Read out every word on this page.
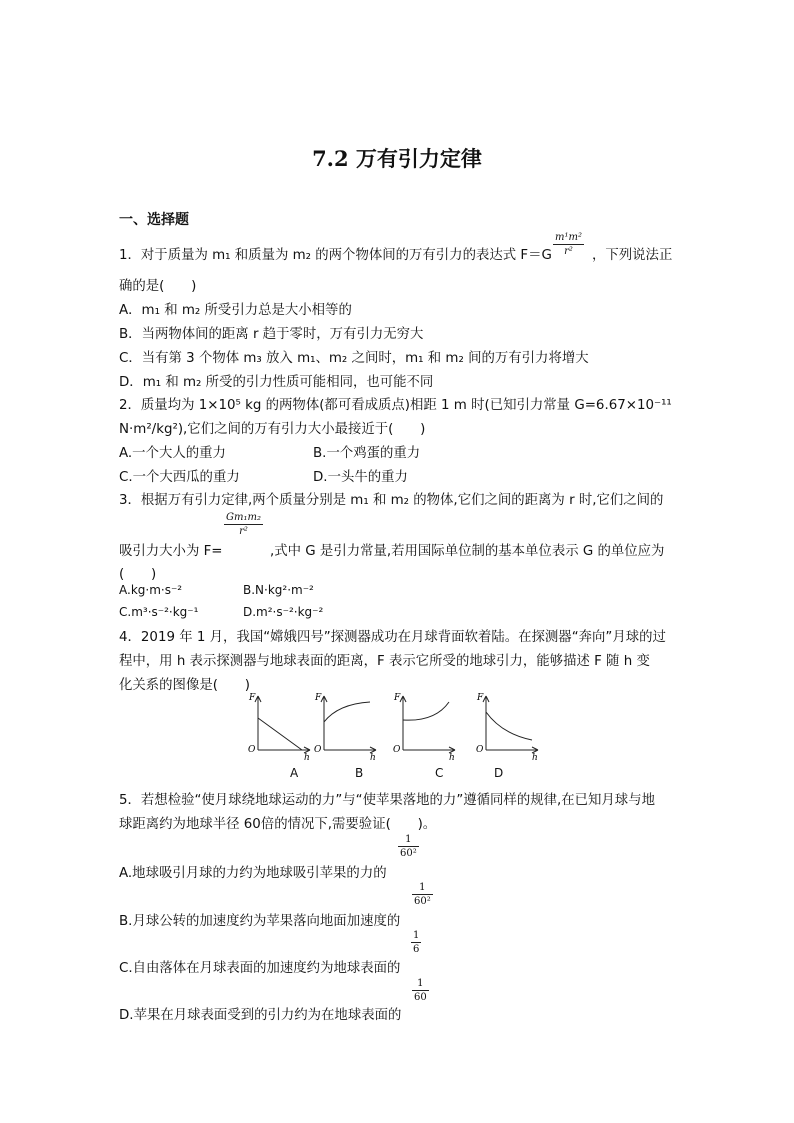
7.2 万有引力定律
一、选择题
1．对于质量为 m₁ 和质量为 m₂ 的两个物体间的万有引力的表达式 F＝G
m¹m²
r²	，下列说法正
确的是(　　)
A．m₁ 和 m₂ 所受引力总是大小相等的
B．当两物体间的距离 r 趋于零时，万有引力无穷大
C．当有第 3 个物体 m₃ 放入 m₁、m₂ 之间时，m₁ 和 m₂ 间的万有引力将增大
D．m₁ 和 m₂ 所受的引力性质可能相同，也可能不同
2．质量均为 1×10⁵ kg 的两物体(都可看成质点)相距 1 m 时(已知引力常量 G=6.67×10⁻¹¹
N·m²/kg²),它们之间的万有引力大小最接近于(　　)
A.一个大人的重力	B.一个鸡蛋的重力
C.一个大西瓜的重力	D.一头牛的重力
3．根据万有引力定律,两个质量分别是 m₁ 和 m₂ 的物体,它们之间的距离为 r 时,它们之间的
Gm₁m₂
r²
吸引力大小为 F=	,式中 G 是引力常量,若用国际单位制的基本单位表示 G 的单位应为
(　　)
A.kg·m·s⁻²	B.N·kg²·m⁻²
C.m³·s⁻²·kg⁻¹	D.m²·s⁻²·kg⁻²
4．2019 年 1 月，我国“嫦娥四号”探测器成功在月球背面软着陆。在探测器“奔向”月球的过
程中，用 h 表示探测器与地球表面的距离，F 表示它所受的地球引力，能够描述 F 随 h 变
化关系的图像是(　　)
F
O
h
F
O
h
F
O
h
F
O
h
A	B	C	D
5．若想检验“使月球绕地球运动的力”与“使苹果落地的力”遵循同样的规律,在已知月球与地
球距离约为地球半径 60倍的情况下,需要验证(　　)。
A.地球吸引月球的力约为地球吸引苹果的力的
1
60²
B.月球公转的加速度约为苹果落向地面加速度的
1
60²
C.自由落体在月球表面的加速度约为地球表面的
1
6
D.苹果在月球表面受到的引力约为在地球表面的
1
60
